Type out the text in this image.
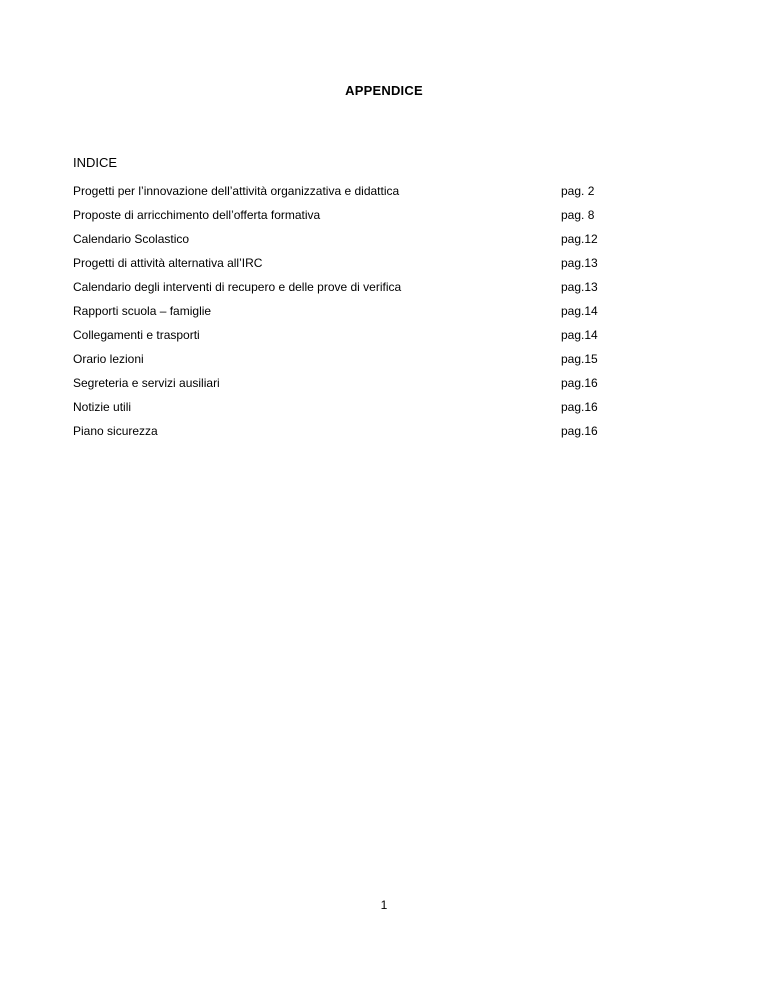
APPENDICE
INDICE
Progetti per l’innovazione dell’attività organizzativa e didattica	pag. 2
Proposte di arricchimento dell’offerta formativa	pag. 8
Calendario Scolastico	pag.12
Progetti di attività alternativa all’IRC	pag.13
Calendario degli interventi di recupero e delle prove di verifica	pag.13
Rapporti scuola – famiglie	pag.14
Collegamenti e trasporti	pag.14
Orario lezioni	pag.15
Segreteria e servizi ausiliari	pag.16
Notizie utili	pag.16
Piano sicurezza	pag.16
1
